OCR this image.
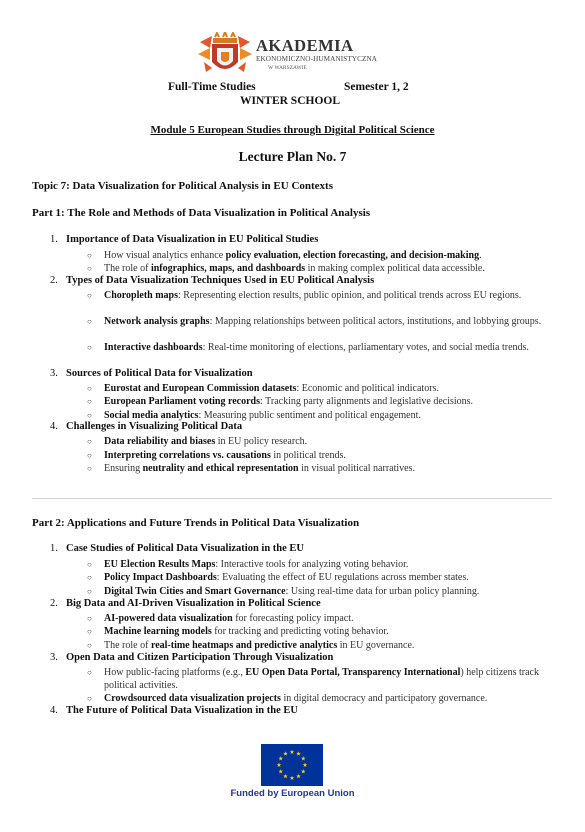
AKADEMIA
EKONOMICZNO-HUMANISTYCZNA
W WARSZAWIE
Full-Time Studies	Semester 1, 2
WINTER SCHOOL
Module 5 European Studies through Digital Political Science
Lecture Plan No. 7
Topic 7: Data Visualization for Political Analysis in EU Contexts
Part 1: The Role and Methods of Data Visualization in Political Analysis
1. Importance of Data Visualization in EU Political Studies
○ How visual analytics enhance policy evaluation, election forecasting, and decision-making.
○ The role of infographics, maps, and dashboards in making complex political data accessible.
2. Types of Data Visualization Techniques Used in EU Political Analysis
○ Choropleth maps: Representing election results, public opinion, and political trends across EU regions.
○ Network analysis graphs: Mapping relationships between political actors, institutions, and lobbying groups.
○ Interactive dashboards: Real-time monitoring of elections, parliamentary votes, and social media trends.
3. Sources of Political Data for Visualization
○ Eurostat and European Commission datasets: Economic and political indicators.
○ European Parliament voting records: Tracking party alignments and legislative decisions.
○ Social media analytics: Measuring public sentiment and political engagement.
4. Challenges in Visualizing Political Data
○ Data reliability and biases in EU policy research.
○ Interpreting correlations vs. causations in political trends.
○ Ensuring neutrality and ethical representation in visual political narratives.
Part 2: Applications and Future Trends in Political Data Visualization
1. Case Studies of Political Data Visualization in the EU
○ EU Election Results Maps: Interactive tools for analyzing voting behavior.
○ Policy Impact Dashboards: Evaluating the effect of EU regulations across member states.
○ Digital Twin Cities and Smart Governance: Using real-time data for urban policy planning.
2. Big Data and AI-Driven Visualization in Political Science
○ AI-powered data visualization for forecasting policy impact.
○ Machine learning models for tracking and predicting voting behavior.
○ The role of real-time heatmaps and predictive analytics in EU governance.
3. Open Data and Citizen Participation Through Visualization
○ How public-facing platforms (e.g., EU Open Data Portal, Transparency International) help citizens track political activities.
○ Crowdsourced data visualization projects in digital democracy and participatory governance.
4. The Future of Political Data Visualization in the EU
Funded by European Union
